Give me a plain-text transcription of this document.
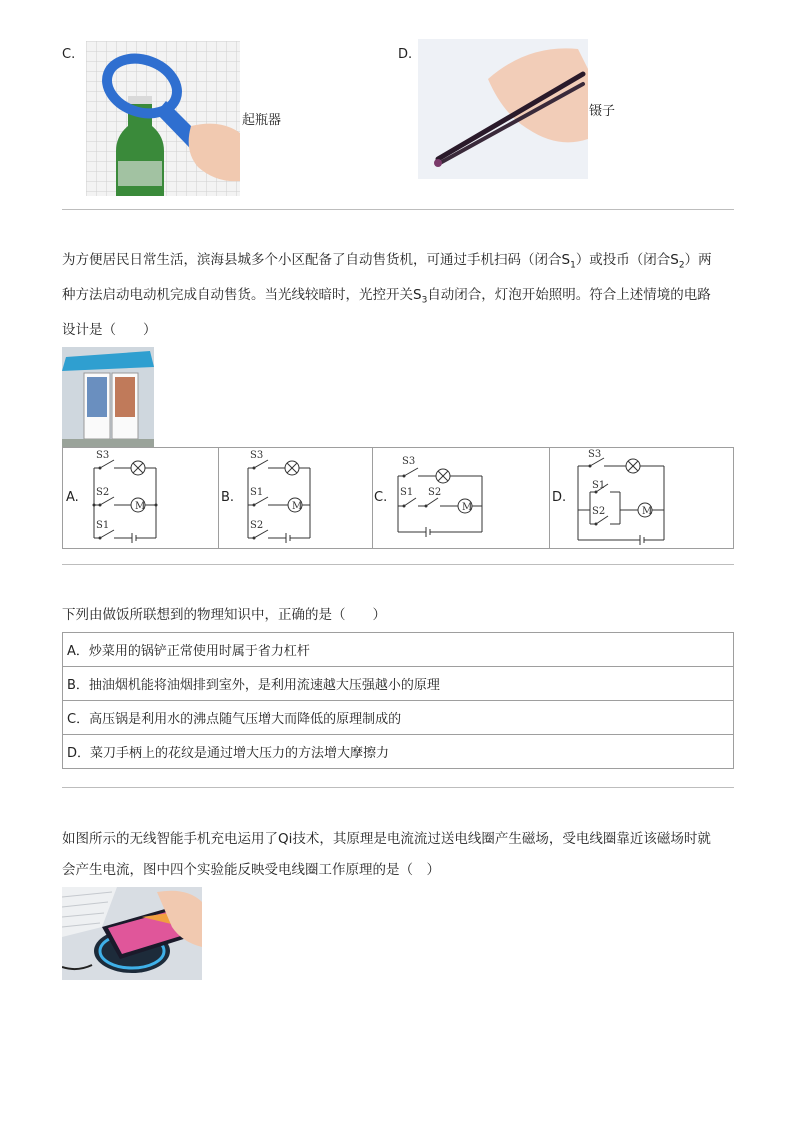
C.
起瓶器
D.
镊子
为方便居民日常生活，滨海县城多个小区配备了自动售货机，可通过手机扫码（闭合$S_1$）或投币（闭合$S_2$）两
种方法启动电动机完成自动售货。当光线较暗时，光控开关$S_3$自动闭合，灯泡开始照明。符合上述情境的电路
设计是（　　）
A.	B.	C.	D.
M
S3
S2
S1
M
S3
S1
S2
M
S3
S1 S2
M
S3
S1
S2
下列由做饭所联想到的物理知识中，正确的是（　　）
A．炒菜用的锅铲正常使用时属于省力杠杆
B．抽油烟机能将油烟排到室外，是利用流速越大压强越小的原理
C．高压锅是利用水的沸点随气压增大而降低的原理制成的
D．菜刀手柄上的花纹是通过增大压力的方法增大摩擦力
如图所示的无线智能手机充电运用了Qi技术，其原理是电流流过送电线圈产生磁场，受电线圈靠近该磁场时就
会产生电流，图中四个实验能反映受电线圈工作原理的是（　）
